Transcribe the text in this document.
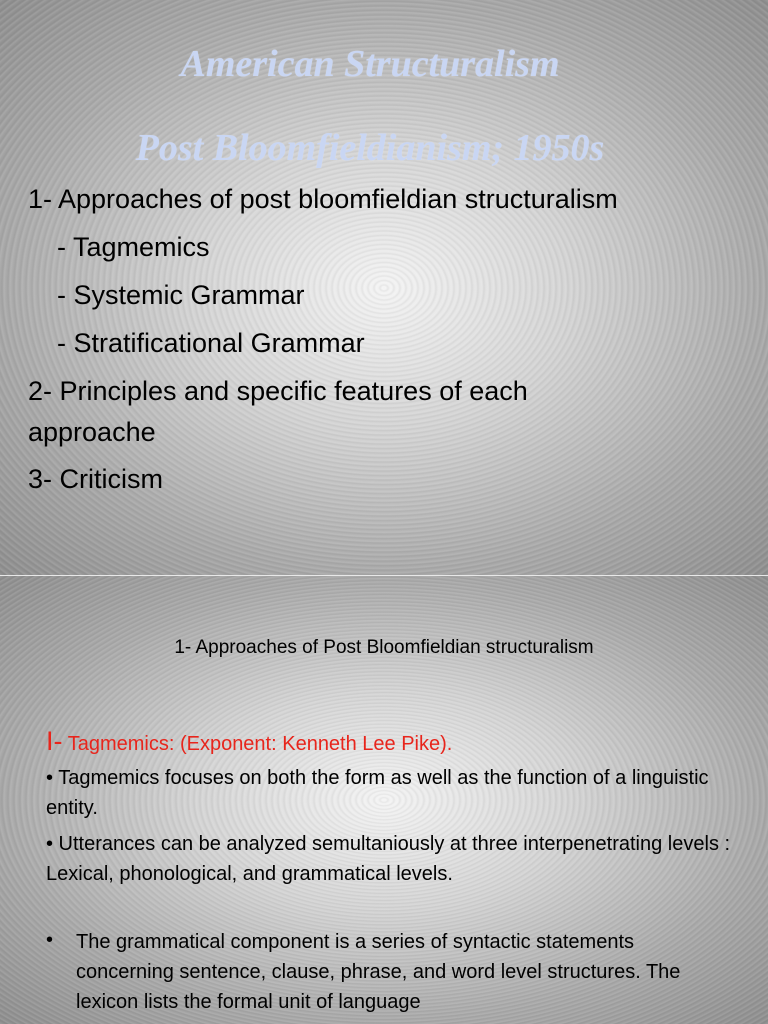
American Structuralism
Post Bloomfieldianism; 1950s
1- Approaches of post bloomfieldian structuralism
- Tagmemics
- Systemic Grammar
- Stratificational Grammar
2- Principles and specific features of each
approache
3- Criticism
1- Approaches of Post Bloomfieldian structuralism
I- Tagmemics: (Exponent: Kenneth Lee Pike).
• Tagmemics focuses on both the form as well as the function of a linguistic entity.
• Utterances can be analyzed semultaniously at three interpenetrating levels : Lexical, phonological, and grammatical levels.
• The grammatical component is a series of syntactic statements concerning sentence, clause, phrase, and word level structures. The lexicon lists the formal unit of language
